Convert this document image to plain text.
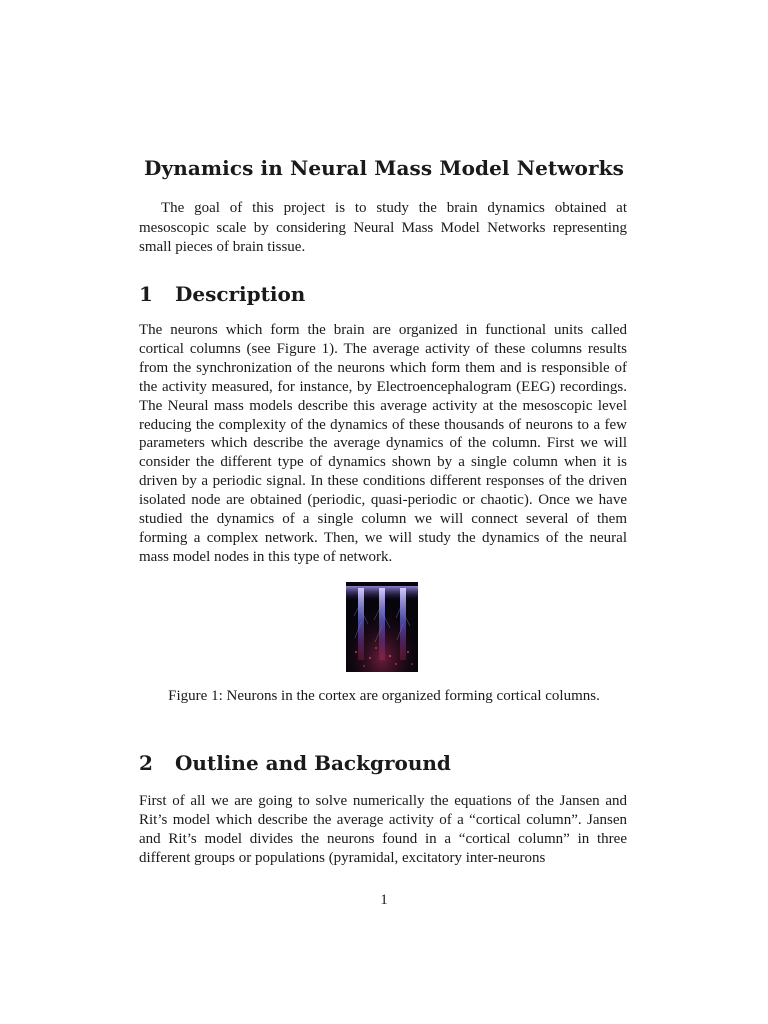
Dynamics in Neural Mass Model Networks

The goal of this project is to study the brain dynamics obtained at mesoscopic scale by considering Neural Mass Model Networks representing small pieces of brain tissue.

1 Description

The neurons which form the brain are organized in functional units called cortical columns (see Figure 1). The average activity of these columns results from the synchronization of the neurons which form them and is responsible of the activity measured, for instance, by Electroencephalogram (EEG) recordings. The Neural mass models describe this average activity at the mesoscopic level reducing the complexity of the dynamics of these thousands of neurons to a few parameters which describe the average dynamics of the column. First we will consider the different type of dynamics shown by a single column when it is driven by a periodic signal. In these conditions different responses of the driven isolated node are obtained (periodic, quasi-periodic or chaotic). Once we have studied the dynamics of a single column we will connect several of them forming a complex network. Then, we will study the dynamics of the neural mass model nodes in this type of network.

Figure 1: Neurons in the cortex are organized forming cortical columns.

2 Outline and Background

First of all we are going to solve numerically the equations of the Jansen and Rit’s model which describe the average activity of a “cortical column”. Jansen and Rit’s model divides the neurons found in a “cortical column” in three different groups or populations (pyramidal, excitatory inter-neurons

1
